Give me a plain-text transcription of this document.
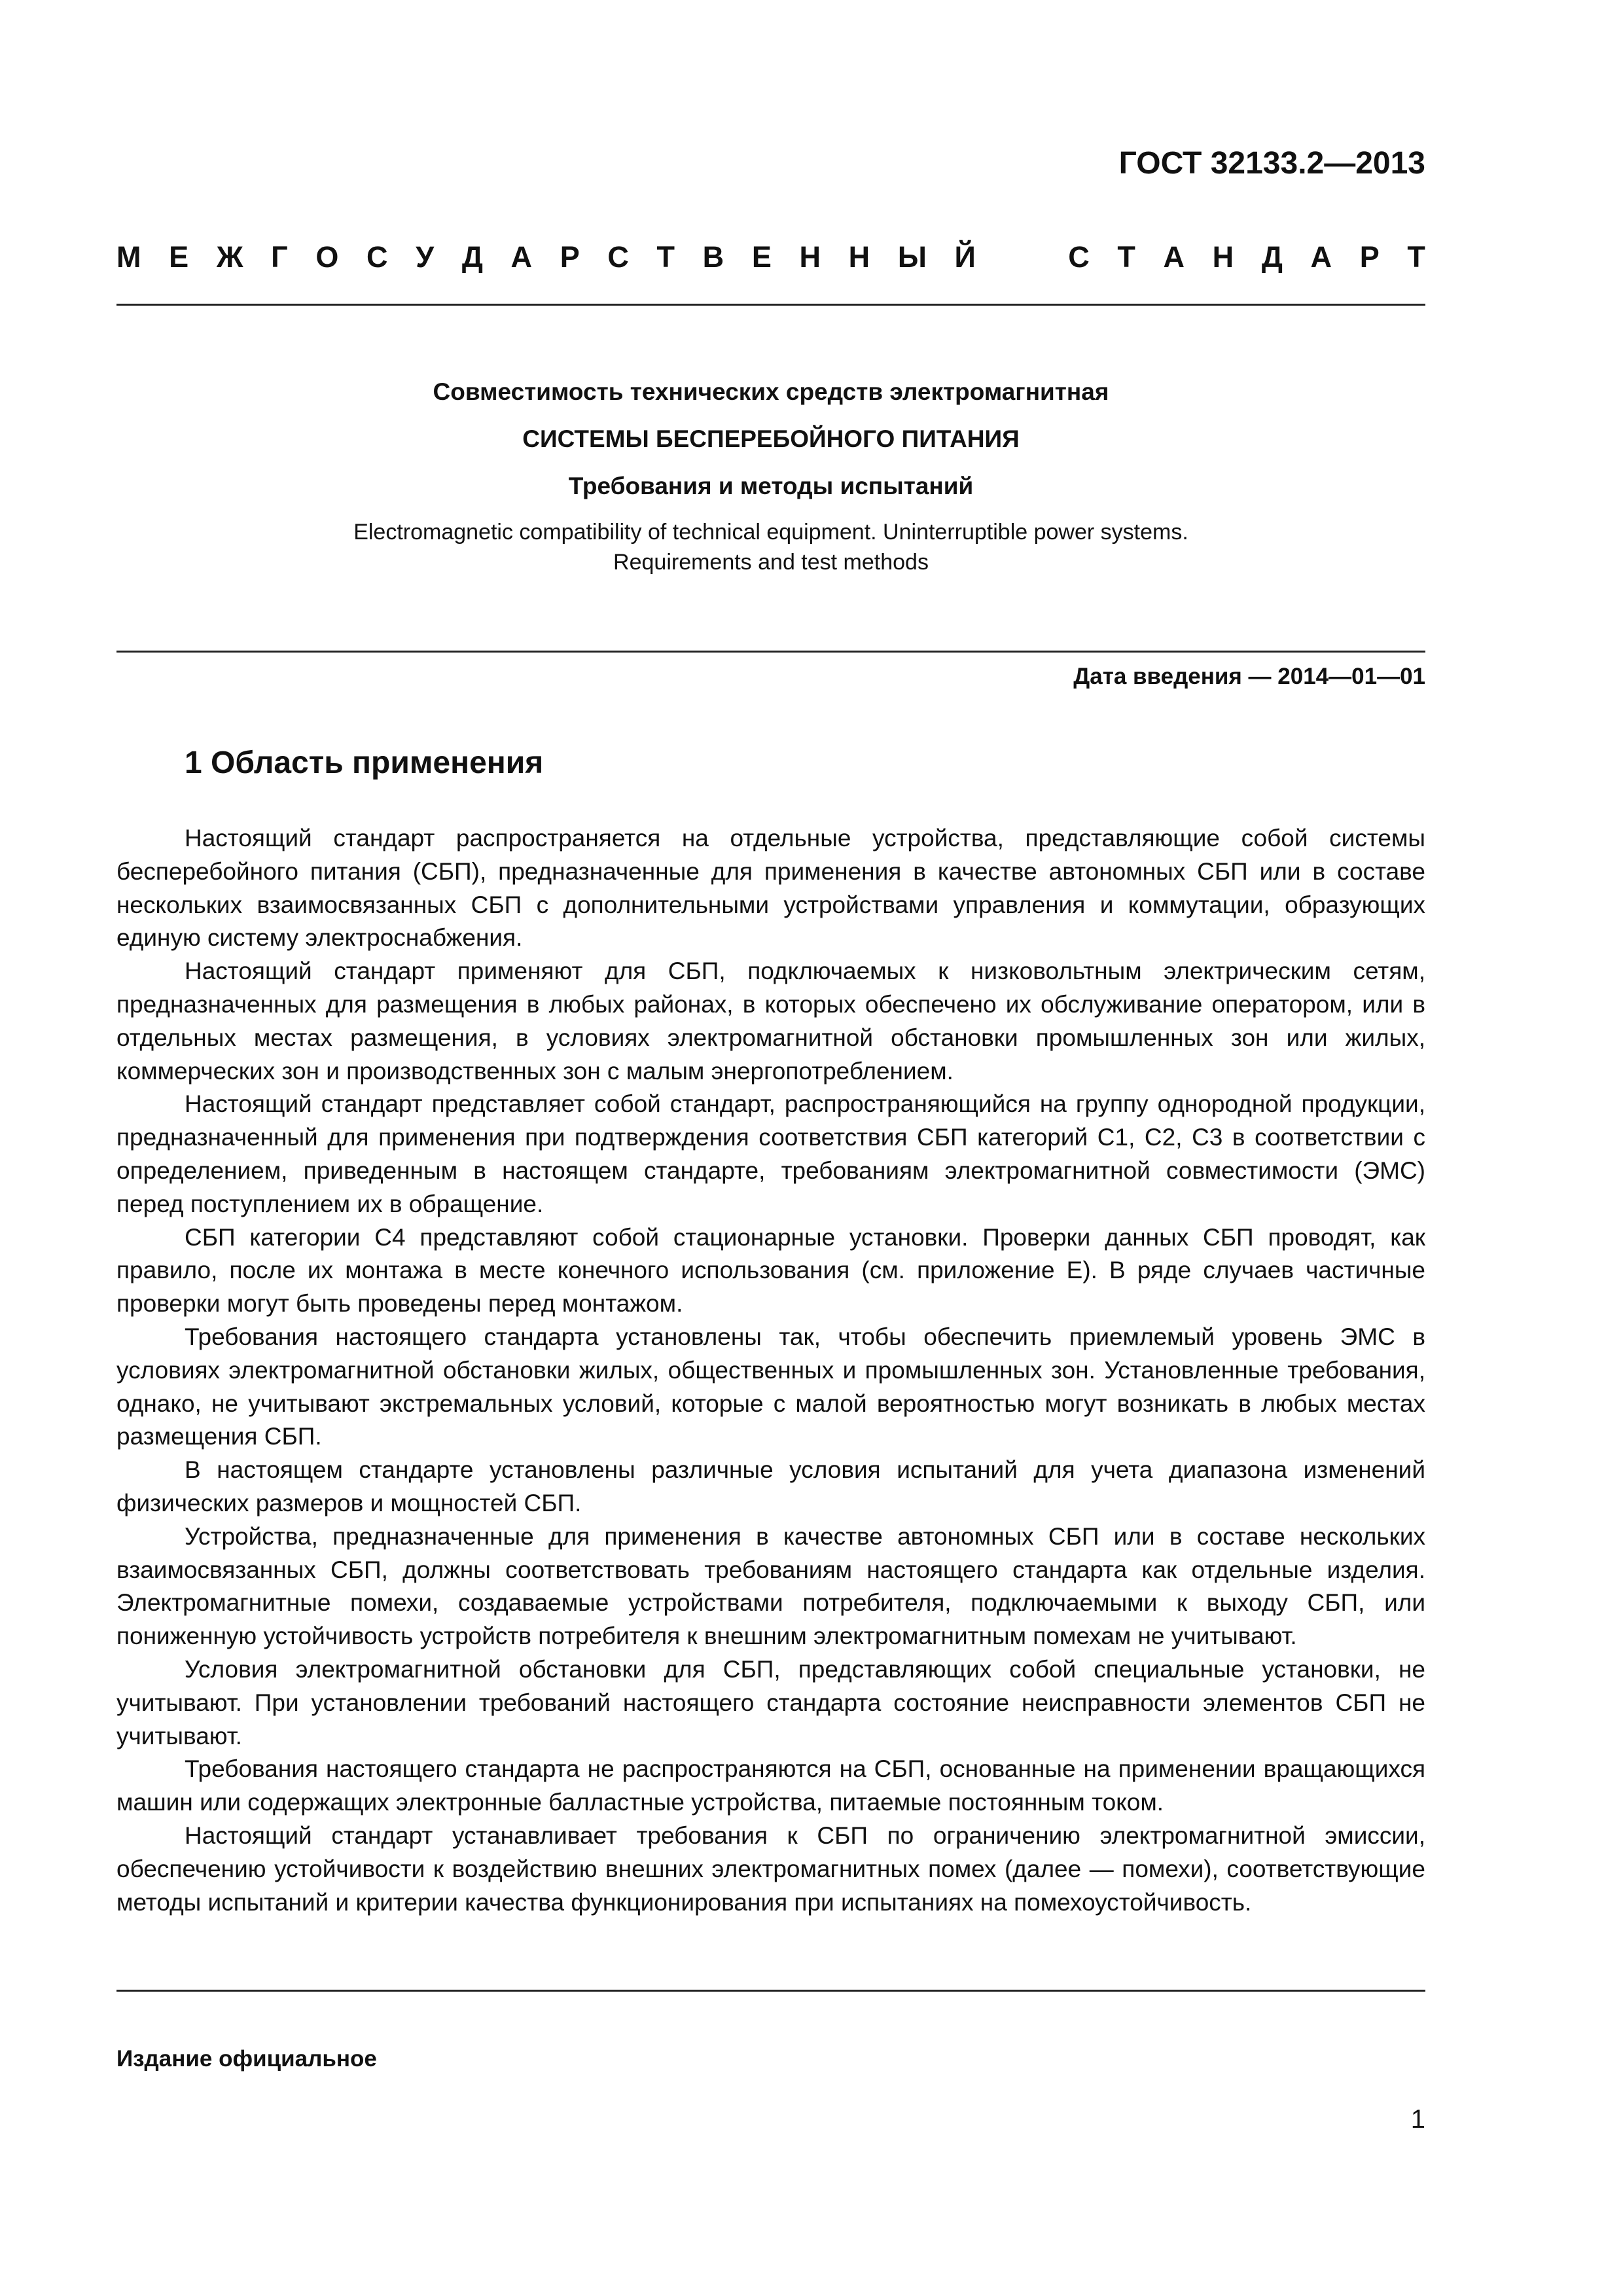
ГОСТ 32133.2—2013
М Е Ж Г О С У Д А Р С Т В Е Н Н Ы Й	С Т А Н Д А Р Т
Совместимость технических средств электромагнитная
СИСТЕМЫ БЕСПЕРЕБОЙНОГО ПИТАНИЯ
Требования и методы испытаний
Electromagnetic compatibility of technical equipment. Uninterruptible power systems.
Requirements and test methods
Дата введения — 2014—01—01
1 Область применения

Настоящий стандарт распространяется на отдельные устройства, представляющие собой системы бесперебойного питания (СБП), предназначенные для применения в качестве автономных СБП или в составе нескольких взаимосвязанных СБП с дополнительными устройствами управления и коммутации, образующих единую систему электроснабжения.

Настоящий стандарт применяют для СБП, подключаемых к низковольтным электрическим сетям, предназначенных для размещения в любых районах, в которых обеспечено их обслуживание оператором, или в отдельных местах размещения, в условиях электромагнитной обстановки промышленных зон или жилых, коммерческих зон и производственных зон с малым энергопотреблением.

Настоящий стандарт представляет собой стандарт, распространяющийся на группу однородной продукции, предназначенный для применения при подтверждения соответствия СБП категорий С1, С2, С3 в соответствии с определением, приведенным в настоящем стандарте, требованиям электромагнитной совместимости (ЭМС) перед поступлением их в обращение.

СБП категории С4 представляют собой стационарные установки. Проверки данных СБП проводят, как правило, после их монтажа в месте конечного использования (см. приложение Е). В ряде случаев частичные проверки могут быть проведены перед монтажом.

Требования настоящего стандарта установлены так, чтобы обеспечить приемлемый уровень ЭМС в условиях электромагнитной обстановки жилых, общественных и промышленных зон. Установленные требования, однако, не учитывают экстремальных условий, которые с малой вероятностью могут возникать в любых местах размещения СБП.

В настоящем стандарте установлены различные условия испытаний для учета диапазона изменений физических размеров и мощностей СБП.

Устройства, предназначенные для применения в качестве автономных СБП или в составе нескольких взаимосвязанных СБП, должны соответствовать требованиям настоящего стандарта как отдельные изделия. Электромагнитные помехи, создаваемые устройствами потребителя, подключаемыми к выходу СБП, или пониженную устойчивость устройств потребителя к внешним электромагнитным помехам не учитывают.

Условия электромагнитной обстановки для СБП, представляющих собой специальные установки, не учитывают. При установлении требований настоящего стандарта состояние неисправности элементов СБП не учитывают.

Требования настоящего стандарта не распространяются на СБП, основанные на применении вращающихся машин или содержащих электронные балластные устройства, питаемые постоянным током.

Настоящий стандарт устанавливает требования к СБП по ограничению электромагнитной эмиссии, обеспечению устойчивости к воздействию внешних электромагнитных помех (далее — помехи), соответствующие методы испытаний и критерии качества функционирования при испытаниях на помехоустойчивость.

Издание официальное
1
